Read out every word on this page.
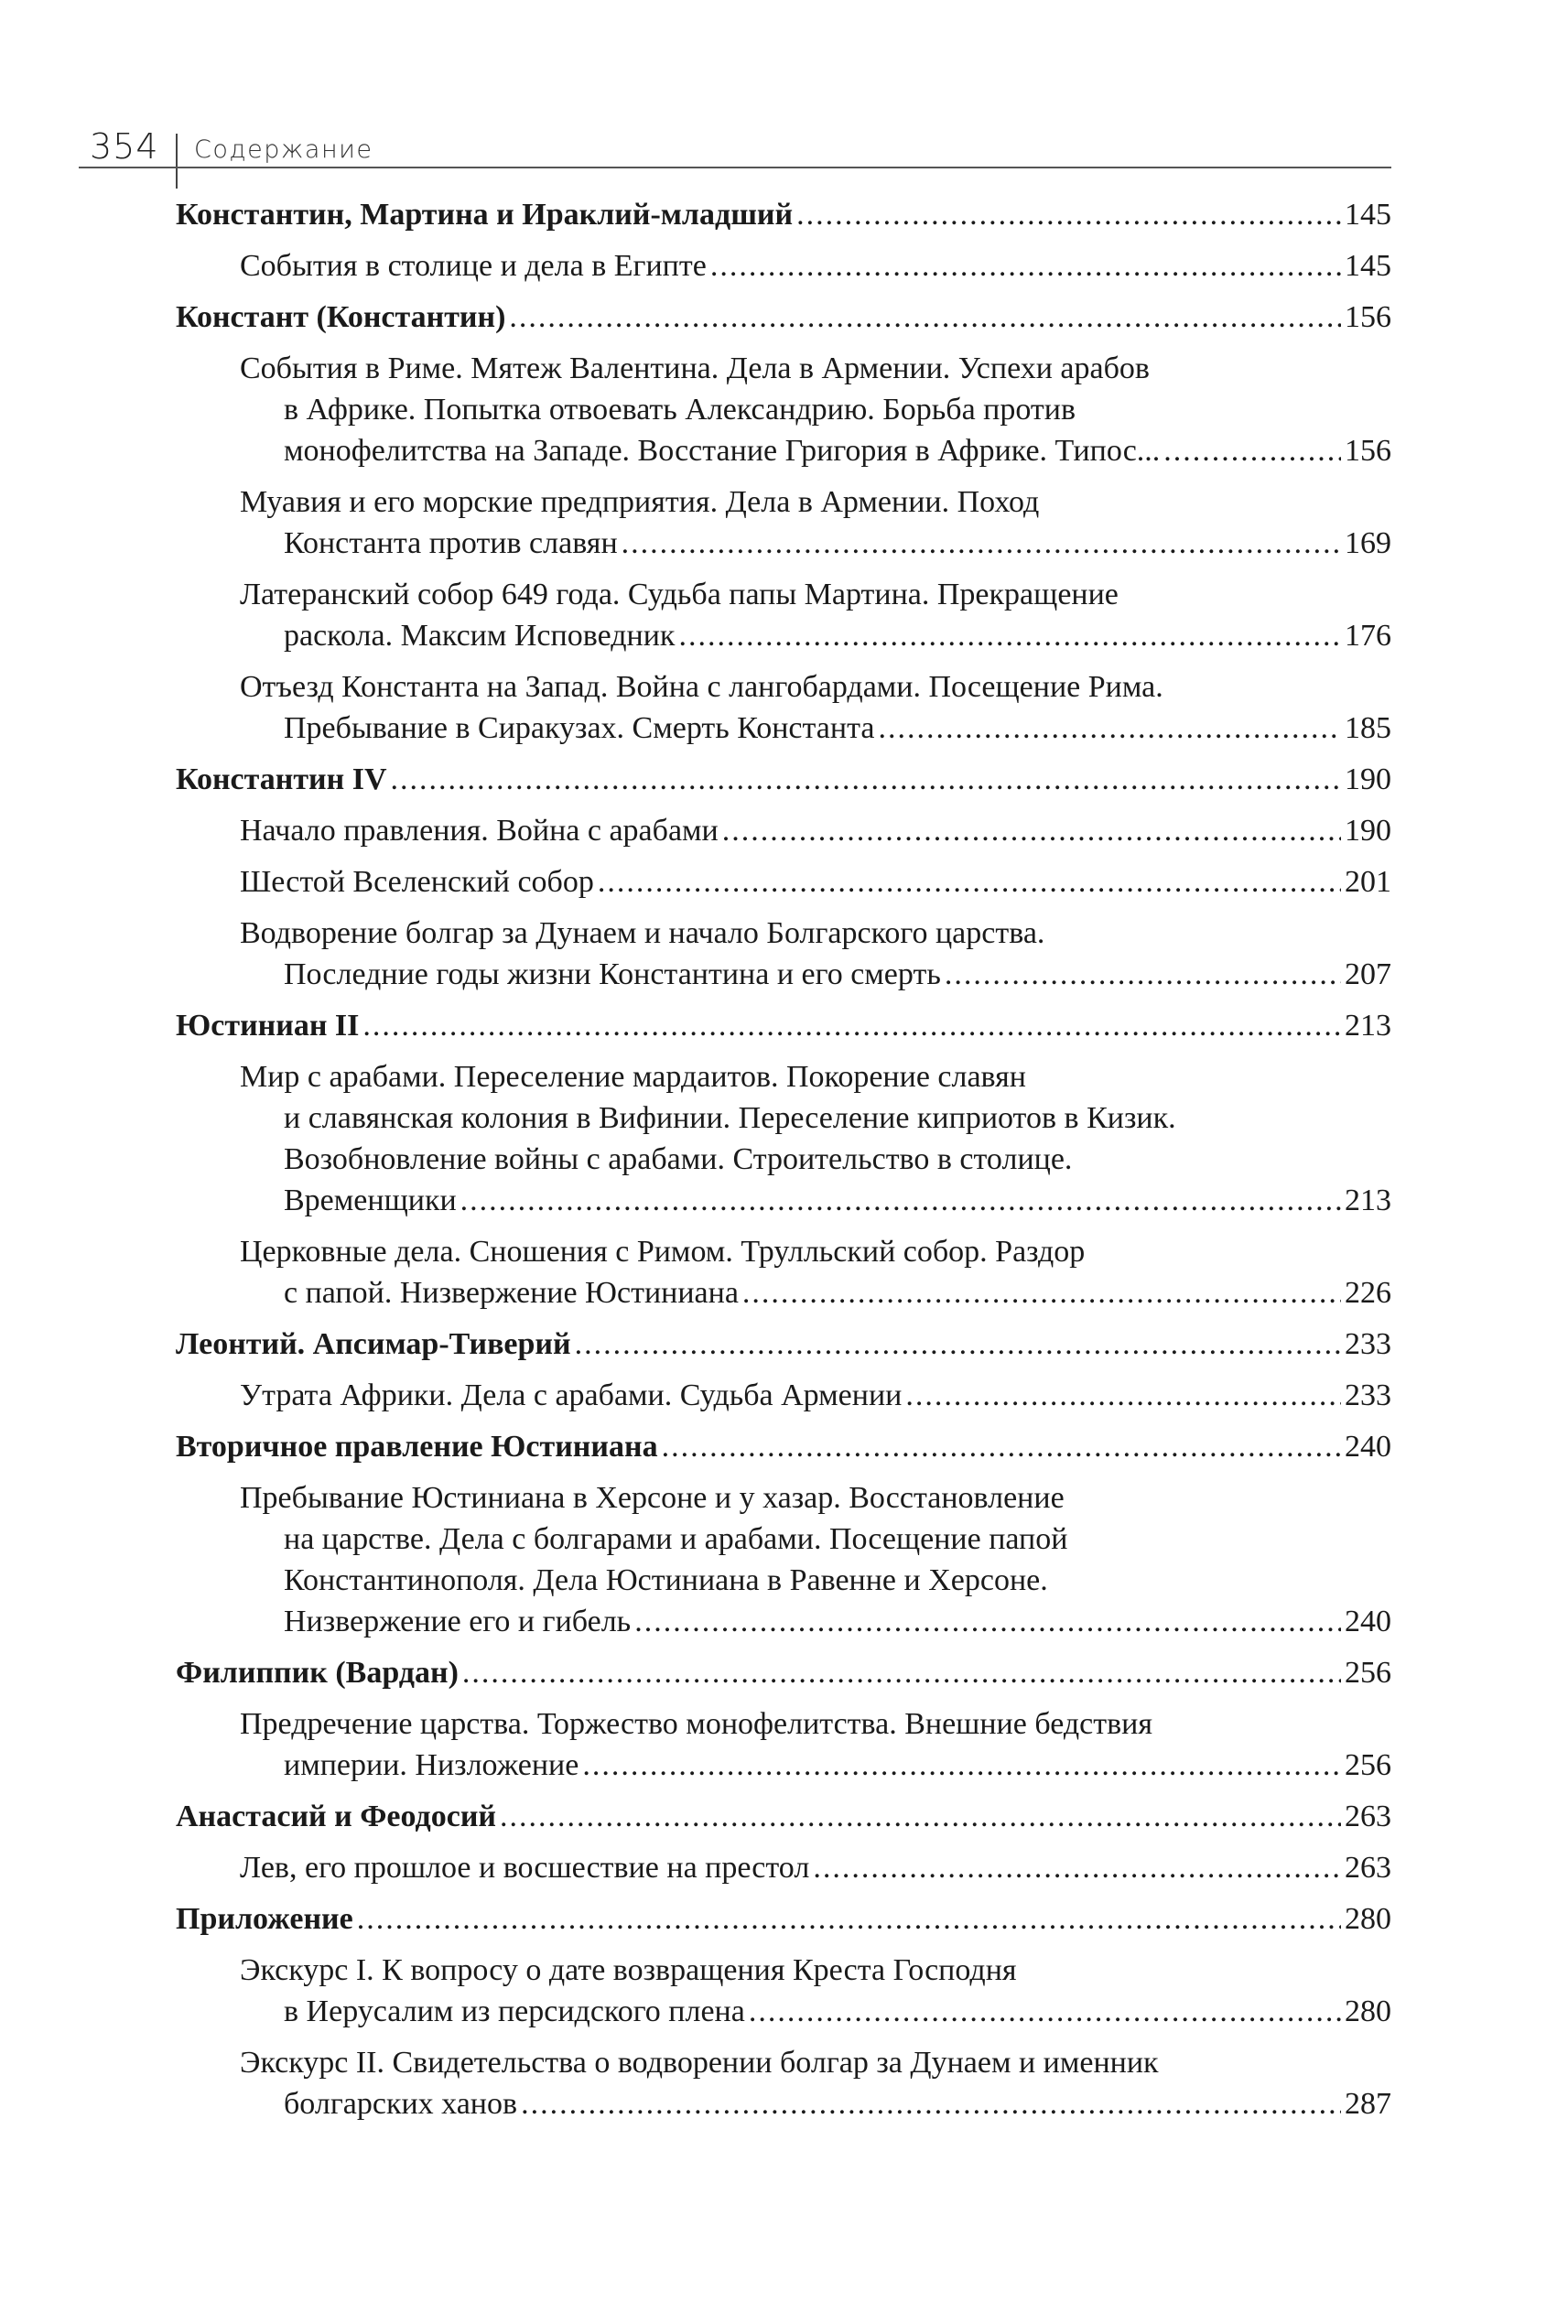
354 Содержание
Константин, Мартина и Ираклий-младший .....	145
События в столице и дела в Египте .....	145
Констант (Константин) .....	156
События в Риме. Мятеж Валентина. Дела в Армении. Успехи арабов
в Африке. Попытка отвоевать Александрию. Борьба против
монофелитства на Западе. Восстание Григория в Африке. Типос... .....	156
Муавия и его морские предприятия. Дела в Армении. Поход
Константа против славян .....	169
Латеранский собор 649 года. Судьба папы Мартина. Прекращение
раскола. Максим Исповедник .....	176
Отъезд Константа на Запад. Война с лангобардами. Посещение Рима.
Пребывание в Сиракузах. Смерть Константа .....	185
Константин IV .....	190
Начало правления. Война с арабами .....	190
Шестой Вселенский собор .....	201
Водворение болгар за Дунаем и начало Болгарского царства.
Последние годы жизни Константина и его смерть .....	207
Юстиниан II .....	213
Мир с арабами. Переселение мардаитов. Покорение славян
и славянская колония в Вифинии. Переселение киприотов в Кизик.
Возобновление войны с арабами. Строительство в столице.
Временщики .....	213
Церковные дела. Сношения с Римом. Трулльский собор. Раздор
с папой. Низвержение Юстиниана .....	226
Леонтий. Апсимар-Тиверий .....	233
Утрата Африки. Дела с арабами. Судьба Армении .....	233
Вторичное правление Юстиниана .....	240
Пребывание Юстиниана в Херсоне и у хазар. Восстановление
на царстве. Дела с болгарами и арабами. Посещение папой
Константинополя. Дела Юстиниана в Равенне и Херсоне.
Низвержение его и гибель .....	240
Филиппик (Вардан) .....	256
Предречение царства. Торжество монофелитства. Внешние бедствия
империи. Низложение .....	256
Анастасий и Феодосий .....	263
Лев, его прошлое и восшествие на престол .....	263
Приложение .....	280
Экскурс I. К вопросу о дате возвращения Креста Господня
в Иерусалим из персидского плена .....	280
Экскурс II. Свидетельства о водворении болгар за Дунаем и именник
болгарских ханов .....	287
